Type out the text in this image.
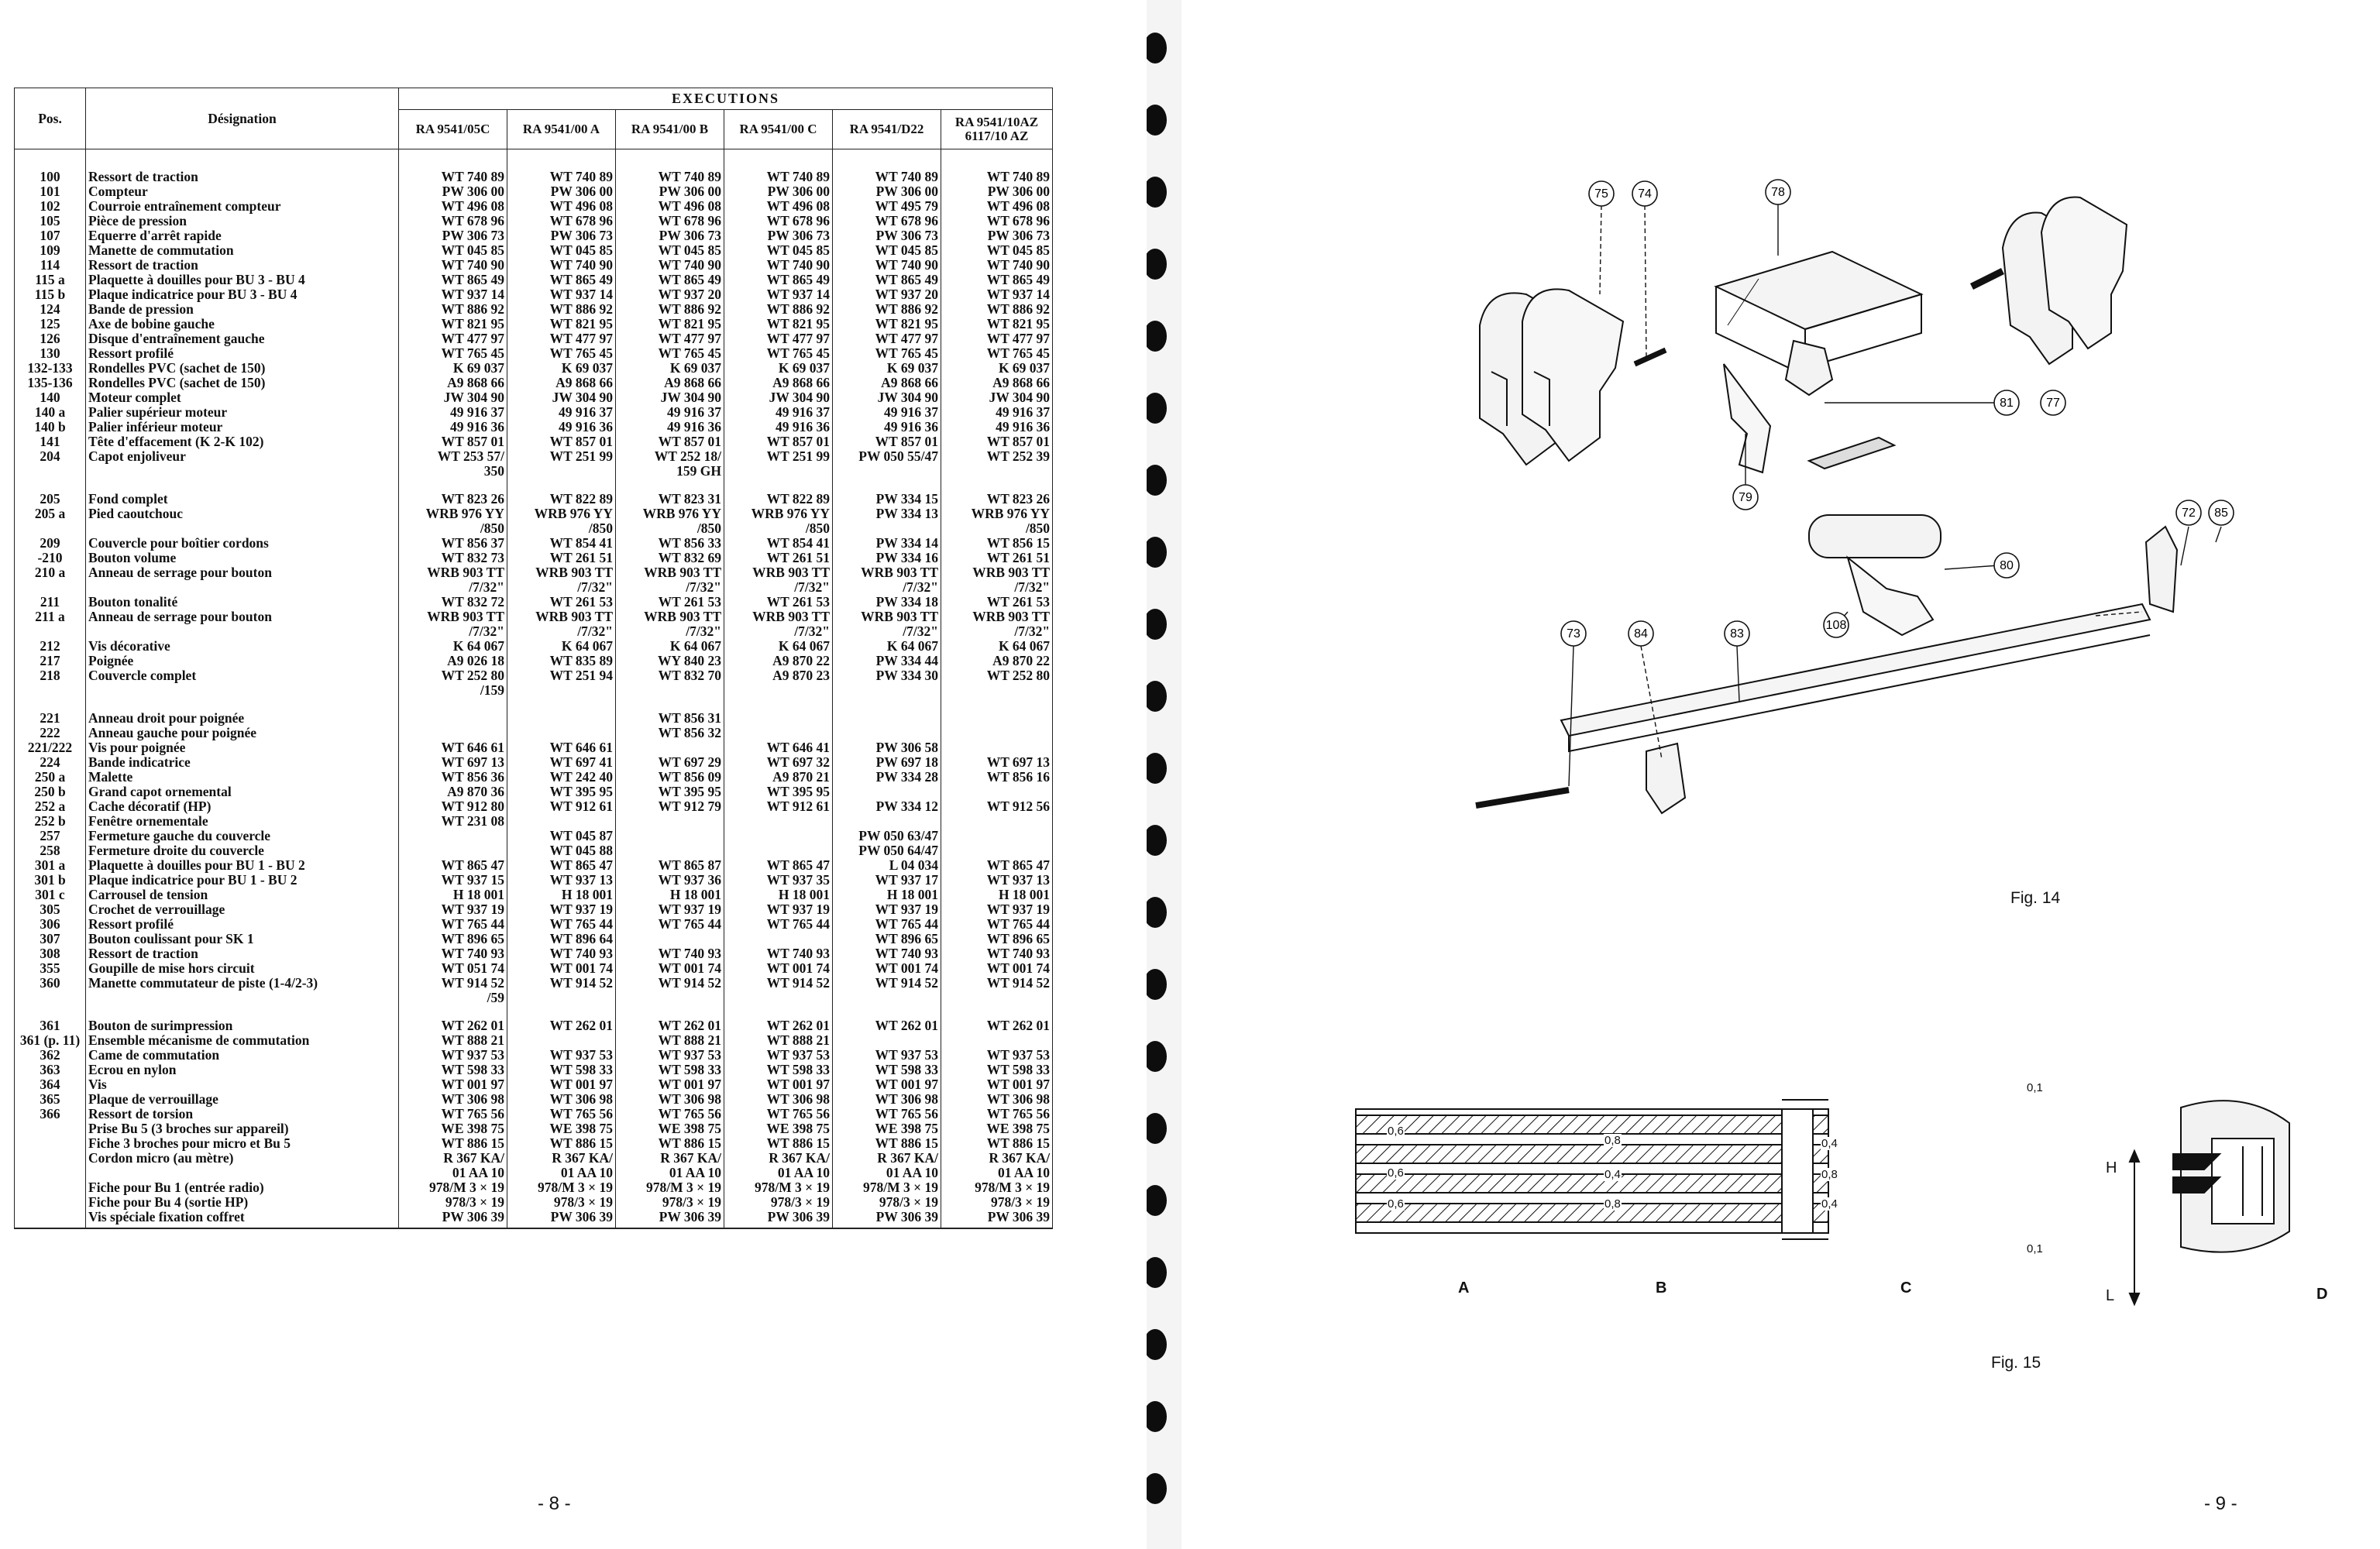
Pos.	Désignation	EXECUTIONS					
		RA 9541/05C	RA 9541/00 A	RA 9541/00 B	RA 9541/00 C	RA 9541/D22	RA 9541/10AZ 6117/10 AZ
100	Ressort de traction	WT 740 89	WT 740 89	WT 740 89	WT 740 89	WT 740 89	WT 740 89
101	Compteur	PW 306 00	PW 306 00	PW 306 00	PW 306 00	PW 306 00	PW 306 00
102	Courroie entraînement compteur	WT 496 08	WT 496 08	WT 496 08	WT 496 08	WT 495 79	WT 496 08
105	Pièce de pression	WT 678 96	WT 678 96	WT 678 96	WT 678 96	WT 678 96	WT 678 96
107	Equerre d'arrêt rapide	PW 306 73	PW 306 73	PW 306 73	PW 306 73	PW 306 73	PW 306 73
109	Manette de commutation	WT 045 85	WT 045 85	WT 045 85	WT 045 85	WT 045 85	WT 045 85
114	Ressort de traction	WT 740 90	WT 740 90	WT 740 90	WT 740 90	WT 740 90	WT 740 90
115 a	Plaquette à douilles pour BU 3 - BU 4	WT 865 49	WT 865 49	WT 865 49	WT 865 49	WT 865 49	WT 865 49
115 b	Plaque indicatrice pour BU 3 - BU 4	WT 937 14	WT 937 14	WT 937 20	WT 937 14	WT 937 20	WT 937 14
124	Bande de pression	WT 886 92	WT 886 92	WT 886 92	WT 886 92	WT 886 92	WT 886 92
125	Axe de bobine gauche	WT 821 95	WT 821 95	WT 821 95	WT 821 95	WT 821 95	WT 821 95
126	Disque d'entraînement gauche	WT 477 97	WT 477 97	WT 477 97	WT 477 97	WT 477 97	WT 477 97
130	Ressort profilé	WT 765 45	WT 765 45	WT 765 45	WT 765 45	WT 765 45	WT 765 45
132-133	Rondelles PVC (sachet de 150)	K 69 037	K 69 037	K 69 037	K 69 037	K 69 037	K 69 037
135-136	Rondelles PVC (sachet de 150)	A9 868 66	A9 868 66	A9 868 66	A9 868 66	A9 868 66	A9 868 66
140	Moteur complet	JW 304 90	JW 304 90	JW 304 90	JW 304 90	JW 304 90	JW 304 90
140 a	Palier supérieur moteur	49 916 37	49 916 37	49 916 37	49 916 37	49 916 37	49 916 37
140 b	Palier inférieur moteur	49 916 36	49 916 36	49 916 36	49 916 36	49 916 36	49 916 36
141	Tête d'effacement (K 2-K 102)	WT 857 01	WT 857 01	WT 857 01	WT 857 01	WT 857 01	WT 857 01
204	Capot enjoliveur	WT 253 57/	WT 251 99	WT 252 18/	WT 251 99	PW 050 55/47	WT 252 39
		350		159 GH			
205	Fond complet	WT 823 26	WT 822 89	WT 823 31	WT 822 89	PW 334 15	WT 823 26
205 a	Pied caoutchouc	WRB 976 YY	WRB 976 YY	WRB 976 YY	WRB 976 YY	PW 334 13	WRB 976 YY
		/850	/850	/850	/850		/850
209	Couvercle pour boîtier cordons	WT 856 37	WT 854 41	WT 856 33	WT 854 41	PW 334 14	WT 856 15
-210	Bouton volume	WT 832 73	WT 261 51	WT 832 69	WT 261 51	PW 334 16	WT 261 51
210 a	Anneau de serrage pour bouton	WRB 903 TT	WRB 903 TT	WRB 903 TT	WRB 903 TT	WRB 903 TT	WRB 903 TT
		/7/32"	/7/32"	/7/32"	/7/32"	/7/32"	/7/32"
211	Bouton tonalité	WT 832 72	WT 261 53	WT 261 53	WT 261 53	PW 334 18	WT 261 53
211 a	Anneau de serrage pour bouton	WRB 903 TT	WRB 903 TT	WRB 903 TT	WRB 903 TT	WRB 903 TT	WRB 903 TT
		/7/32"	/7/32"	/7/32"	/7/32"	/7/32"	/7/32"
212	Vis décorative	K 64 067	K 64 067	K 64 067	K 64 067	K 64 067	K 64 067
217	Poignée	A9 026 18	WT 835 89	WY 840 23	A9 870 22	PW 334 44	A9 870 22
218	Couvercle complet	WT 252 80	WT 251 94	WT 832 70	A9 870 23	PW 334 30	WT 252 80
		/159					
221	Anneau droit pour poignée			WT 856 31			
222	Anneau gauche pour poignée			WT 856 32			
221/222	Vis pour poignée	WT 646 61	WT 646 61		WT 646 41	PW 306 58	
224	Bande indicatrice	WT 697 13	WT 697 41	WT 697 29	WT 697 32	PW 697 18	WT 697 13
250 a	Malette	WT 856 36	WT 242 40	WT 856 09	A9 870 21	PW 334 28	WT 856 16
250 b	Grand capot ornemental	A9 870 36	WT 395 95	WT 395 95	WT 395 95		
252 a	Cache décoratif (HP)	WT 912 80	WT 912 61	WT 912 79	WT 912 61	PW 334 12	WT 912 56
252 b	Fenêtre ornementale	WT 231 08					
257	Fermeture gauche du couvercle		WT 045 87			PW 050 63/47	
258	Fermeture droite du couvercle		WT 045 88			PW 050 64/47	
301 a	Plaquette à douilles pour BU 1 - BU 2	WT 865 47	WT 865 47	WT 865 87	WT 865 47	L 04 034	WT 865 47
301 b	Plaque indicatrice pour BU 1 - BU 2	WT 937 15	WT 937 13	WT 937 36	WT 937 35	WT 937 17	WT 937 13
301 c	Carrousel de tension	H 18 001	H 18 001	H 18 001	H 18 001	H 18 001	H 18 001
305	Crochet de verrouillage	WT 937 19	WT 937 19	WT 937 19	WT 937 19	WT 937 19	WT 937 19
306	Ressort profilé	WT 765 44	WT 765 44	WT 765 44	WT 765 44	WT 765 44	WT 765 44
307	Bouton coulissant pour SK 1	WT 896 65	WT 896 64			WT 896 65	WT 896 65
308	Ressort de traction	WT 740 93	WT 740 93	WT 740 93	WT 740 93	WT 740 93	WT 740 93
355	Goupille de mise hors circuit	WT 051 74	WT 001 74	WT 001 74	WT 001 74	WT 001 74	WT 001 74
360	Manette commutateur de piste (1-4/2-3)	WT 914 52	WT 914 52	WT 914 52	WT 914 52	WT 914 52	WT 914 52
		/59					
361	Bouton de surimpression	WT 262 01	WT 262 01	WT 262 01	WT 262 01	WT 262 01	WT 262 01
361 (p. 11)	Ensemble mécanisme de commutation	WT 888 21		WT 888 21	WT 888 21		
362	Came de commutation	WT 937 53	WT 937 53	WT 937 53	WT 937 53	WT 937 53	WT 937 53
363	Ecrou en nylon	WT 598 33	WT 598 33	WT 598 33	WT 598 33	WT 598 33	WT 598 33
364	Vis	WT 001 97	WT 001 97	WT 001 97	WT 001 97	WT 001 97	WT 001 97
365	Plaque de verrouillage	WT 306 98	WT 306 98	WT 306 98	WT 306 98	WT 306 98	WT 306 98
366	Ressort de torsion	WT 765 56	WT 765 56	WT 765 56	WT 765 56	WT 765 56	WT 765 56
	Prise Bu 5 (3 broches sur appareil)	WE 398 75	WE 398 75	WE 398 75	WE 398 75	WE 398 75	WE 398 75
	Fiche 3 broches pour micro et Bu 5	WT 886 15	WT 886 15	WT 886 15	WT 886 15	WT 886 15	WT 886 15
	Cordon micro (au mètre)	R 367 KA/	R 367 KA/	R 367 KA/	R 367 KA/	R 367 KA/	R 367 KA/
		01 AA 10	01 AA 10	01 AA 10	01 AA 10	01 AA 10	01 AA 10
	Fiche pour Bu 1 (entrée radio)	978/M 3 × 19	978/M 3 × 19	978/M 3 × 19	978/M 3 × 19	978/M 3 × 19	978/M 3 × 19
	Fiche pour Bu 4 (sortie HP)	978/3 × 19	978/3 × 19	978/3 × 19	978/3 × 19	978/3 × 19	978/3 × 19
	Vis spéciale fixation coffret	PW 306 39	PW 306 39	PW 306 39	PW 306 39	PW 306 39	PW 306 39
- 8 -
75 74	78
81	77
79
72 85
80
73	84	83
108
Fig. 14
0,1
0,6
0,6
0,6
0,8
0,4
0,8
0,4
0,8
0,4
0,1
A	B	C	D
H
L
Fig. 15
- 9 -
